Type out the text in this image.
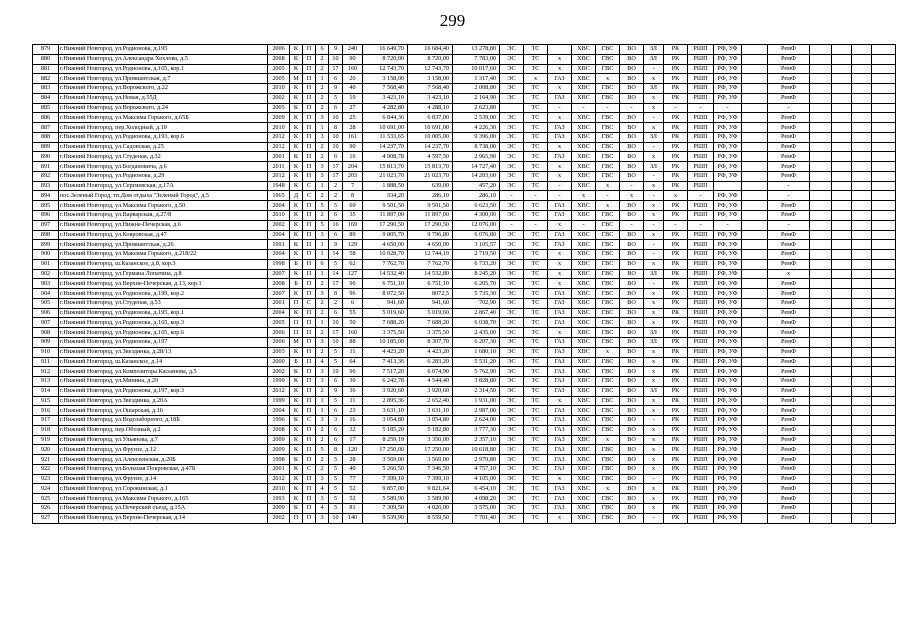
299
879	г.Нижний Новгород, ул.Родионова, д.195	2006	К	П	6	9	240	16 649,70	16 684,40	13 278,80	ЭС	ТС		ХВС	ГВС	ВО	ЗЛ	РК	РШП	РФ, УФ		РемФ				
880	г.Нижний Новгород, ул.Александра Хохлова, д.5	2008	К	П	2	10	90	8 720,00	8 720,00	7 783,00	ЭС	ТС	х	ХВС	ГВС	ВО	ЗЛ	РК	РШП	РФ, УФ		РемФ				
881	г.Нижний Новгород, ул.Родионова, д.165, кор.1	2005	К	П	2	17	160	12 743,70	12 743,70	10 017,60	ЭС	ТС	х	ХВС	ГВС	ВО	-	РК	РШП	РФ, УФ		РемФ				
882	г.Нижний Новгород, ул.Провиантская, д.7	2005	М	П	1	6	20	3 158,00	3 158,00	1 317,40	ЭС	х	ГАЗ	ХВС	х	ВО	х	РК	РШП	РФ, УФ		РемФ				
883	г.Нижний Новгород, ул.Ворожского, д.22	2010	К	П	2	9	40	7 568,40	7 568,40	2 008,80	ЭС	ТС	х	ХВС	ГВС	ВО	ЗЛ	РК	РШП	РФ, УФ		РемФ				
884	г.Нижний Новгород, ул.Новая, д.55Д	2002	К	П	2	5	19	3 423,10	3 423,10	2 164,90	ЭС	ТС	ГАЗ	ХВС	ГВС	ВО	х	РК	РШП	РФ, УФ		РемФ				
885	г.Нижний Новгород, ул.Ворожского, д.24	2005	К	П	2	6	27	4 282,80	4 288,10	2 623,80		ТС	-	-	-	-	х	-	-	-		-				
886	г.Нижний Новгород, ул.Максима Горького, д.65Б	2009	К	П	3	10	25	6 844,36	6 837,00	2 539,00	ЭС	ТС	х	ХВС	ГВС	ВО	-	РК	РШП	РФ, УФ		РемФ				
887	г.Нижний Новгород, пер.Холодный, д.10	2010	К	П	1	8	28	10 691,00	10 691,00	4 226,30	ЭС	ТС	ГАЗ	ХВС	ГВС	ВО	х	РК	РШП	РФ, УФ		РемФ				
888	г.Нижний Новгород, ул.Родионова, д.193, кор.6	2012	К	П	3	10	161	11 533,65	10 005,00	9 396,00	ЭС	ТС	ГАЗ	ХВС	ГВС	ВО	ЗЛ	РК	РШП	РФ, УФ		РемФ				
889	г.Нижний Новгород, ул.Садовская, д.25	2012	К	П	2	10	90	14 237,70	14 237,70	8 738,00	ЭС	ТС	х	ХВС	ГВС	ВО	-	РК	РШП	РФ, УФ		РемФ				
890	г.Нижний Новгород, ул.Студеная, д.32	2001	К	П	2	6	16	4 908,78	4 597,50	2 965,90	ЭС	ТС	ГАЗ	ХВС	ГВС	ВО	х	РК	РШП	РФ, УФ		РемФ				
891	г.Нижний Новгород, ул.Богдановича, д.6	2011	К	П	3	17	204	15 813,70	15 813,70	14 727,40	ЭС	ТС	х	ХВС	ГВС	ВО	ЗЛ	РК	РШП	РФ, УФ		РемФ				
892	г.Нижний Новгород, ул.Родионова, д.29	2012	К	П	3	17	203	21 023,70	21 023,70	14 203,60	ЭС	ТС	х	ХВС	ГВС	ВО	-	РК	РШП	РФ, УФ		РемФ				
893	г.Нижний Новгород, ул.Сергиевская, д.17А	1948	К	С	1	2	7	1 888,50	639,00	457,20	ЭС	ТС	-	ХВС	х	-	х	РК	РШП			-				
894	пос.Зеленый Город, тп.Дом отдыха "Зеленый Город", д.5	1965	Д	С	2	2	8	334,20	286,10	286,10	-	-	-	х	-	х	-	х	-	РФ, УФ		-				
895	г.Нижний Новгород, ул.Максима Горького, д.50	2004	К	П	5	5	69	9 501,50	9 501,50	6 623,50	ЭС	ТС	ГАЗ	ХВС	х	ВО	х	РК	РШП	РФ, УФ		РемФ				
896	г.Нижний Новгород, ул.Варварская, д.27/8	2010	К	П	2	6	35	11 897,00	11 897,00	4 300,00	ЭС	ТС	ГАЗ	ХВС	ГВС	ВО	х	РК	РШП	РФ, УФ		РемФ				
897	г.Нижний Новгород, ул.Нижне-Печерская, д.6	2002	К	П	5	16	169	17 290,50	17 290,50	12 076,00	-	-	х	-	ГВС	-	-	-	-	-		-				
898	г.Нижний Новгород, ул.Ковровская, д.47	2004	К	П	3	6	89	9 805,70	9 796,80	6 076,80	ЭС	ТС	ГАЗ	ХВС	ГВС	ВО	х	РК	РШП	РФ, УФ		РемФ				
899	г.Нижний Новгород, ул.Провиантская, д.26	1991	К	П	1	9	129	4 650,00	4 650,00	3 105,57	ЭС	ТС	ГАЗ	ХВС	ГВС	ВО	-	РК	РШП	РФ, УФ		РемФ				
900	г.Нижний Новгород, ул.Максима Горького, д.218/22	2004	К	П	1	14	58	10 028,70	12 744,10	2 719,50	ЭС	ТС	х	ХВС	ГВС	ВО	-	РК	РШП	РФ, УФ		РемФ				
901	г.Нижний Новгород, ш.Казанское, д.8, кор.3	1998	Б	П	6	5	62	7 762,70	7 762,70	6 733,20	ЭС	ТС	х	ХВС	ГВС	ВО	х	РК	РШП	РФ, УФ		РемФ				
902	г.Нижний Новгород, ул.Германа Лопатина, д.8	2007	К	П	1	14	127	14 532,40	14 532,80	8 245,20	ЭС	ТС	х	ХВС	ГВС	ВО	ЗЛ	РК	РШП	РФ, УФ		х				
903	г.Нижний Новгород, ул.Верхне-Печерская, д.13, кор.1	2008	Б	П	2	17	96	6 751,10	6 751,10	6 205,70	ЭС	ТС	х	ХВС	ГВС	ВО	-	РК	РШП	РФ, УФ		РемФ				
904	г.Нижний Новгород, ул.Родионова, д.199, кор.2	2007	К	П	3	8	96	8 072,50	8072,5	5 735,30	ЭС	ТС	ГАЗ	ХВС	ГВС	ВО	х	РК	РШП	РФ, УФ		РемФ				
905	г.Нижний Новгород, ул.Студеная, д.53	2001	П	С	2	2	6	941,60	941,60	702,90	ЭС	ТС	ГАЗ	ХВС	ГВС	ВО	х	РК	РШП	РФ, УФ		РемФ				
906	г.Нижний Новгород, ул.Родионова, д.195, кор.1	2004	К	П	2	6	55	5 019,60	5 019,60	2 867,40	ЭС	ТС	ГАЗ	ХВС	ГВС	ВО	х	РК	РШП	РФ, УФ		РемФ				
907	г.Нижний Новгород, ул.Родионова, д.165, кор.3	2005	П	П	1	10	50	7 688,20	7 688,20	6 038,70	ЭС	ТС	ГАЗ	ХВС	ГВС	ВО	х	РК	РШП	РФ, УФ		РемФ				
908	г.Нижний Новгород, ул.Родионова, д.165, кор.6	2006	П	П	2	17	160	3 375,50	3 375,50	2 435,00	ЭС	ТС	х	ХВС	ГВС	ВО	ЗЛ	РК	РШП	РФ, УФ		РемФ				
909	г.Нижний Новгород, ул.Родионова, д.197	2006	М	П	3	10	88	10 185,00	8 307,70	6 207,30	ЭС	ТС	ГАЗ	ХВС	ГВС	ВО	ЗЛ	РК	РШП	РФ, УФ		РемФ				
910	г.Нижний Новгород, ул.Звездинка, д.28/13	2003	К	П	2	5	11	4 423,20	4 423,20	1 680,10	ЭС	ТС	ГАЗ	ХВС	х	ВО	х	РК	РШП	РФ, УФ		РемФ				
911	г.Нижний Новгород, ш.Казанское, д.14	2000	Б	П	4	5	64	7 413,36	6 283,20	5 531,20	ЭС	ТС	ГАЗ	ХВС	ГВС	ВО	х	РК	РШП	РФ, УФ		РемФ				
912	г.Нижний Новгород, ул.Композитора Касьянова, д.5	2002	К	П	3	10	96	7 517,20	6 074,90	5 762,90	ЭС	ТС	ГАЗ	ХВС	ГВС	ВО	х	РК	РШП	РФ, УФ		РемФ				
913	г.Нижний Новгород, ул.Минина, д.29	1999	К	П	3	6	30	6 242,78	4 544,40	3 828,80	ЭС	ТС	ГАЗ	ХВС	ГВС	ВО	х	РК	РШП	РФ, УФ		РемФ				
914	г.Нижний Новгород, ул.Родионова, д.197, кор.3	2012	К	П	2	9	36	3 920,60	3 920,60	2 314,50	ЭС	ТС	ГАЗ	ХВС	ГВС	ВО	ЗЛ	РК	РШП	РФ, УФ		РемФ				
915	г.Нижний Новгород, ул.Звездинка, д.20А	1999	К	П	1	5	11	2 895,36	2 652,40	1 931,00	ЭС	ТС	х	ХВС	ГВС	ВО	х	РК	РШП	РФ, УФ		РемФ				
916	г.Нижний Новгород, ул.Ошарская, д.16	2004	К	П	1	6	23	3 631,10	3 631,10	2 987,00	ЭС	ТС	ГАЗ	ХВС	ГВС	ВО	х	РК	РШП	РФ, УФ		РемФ				
917	г.Нижний Новгород, ул.Водозаборного, д.18Б	1996	К	С	3	3	16	3 054,80	3 054,80	2 624,00	ЭС	ТС	ГАЗ	ХВС	ГВС	ВО	-	РК	РШП	РФ, УФ		РемФ				
918	г.Нижний Новгород, пер.Обозный, д.2	2008	К	П	2	6	32	5 185,20	5 182,80	3 777,30	ЭС	ТС	ГАЗ	ХВС	ГВС	ВО	х	РК	РШП	РФ, УФ		РемФ				
919	г.Нижний Новгород, ул.Ульянова, д.7	2009	К	П	2	6	17	8 259,19	3 350,00	2 357,10	ЭС	ТС	ГАЗ	ХВС	х	ВО	х	РК	РШП	РФ, УФ		РемФ				
920	г.Нижний Новгород, ул.Фрунзе, д.12	2009	К	П	5	8	120	17 250,00	17 250,00	10 618,80	ЭС	ТС	ГАЗ	ХВС	ГВС	ВО	х	РК	РШП	РФ, УФ		РемФ				
921	г.Нижний Новгород, ул.Алексеевская, д.20Б	1998	К	П	2	5	28	3 569,00	3 569,00	2 979,80	ЭС	ТС	ГАЗ	ХВС	ГВС	ВО	х	РК	РШП	РФ, УФ		РемФ				
922	г.Нижний Новгород, ул.Большая Покровская, д.47Б	2001	К	С	2	5	40	5 266,50	7 346,50	4 757,10	ЭС	ТС	ГАЗ	ХВС	ГВС	ВО	х	РК	РШП	РФ, УФ		РемФ				
923	г.Нижний Новгород, ул.Фрунзе, д.14	2012	К	П	3	5	77	7 399,10	7 399,10	4 105,00	ЭС	ТС	х	ХВС	ГВС	ВО	-	РК	РШП	РФ, УФ		РемФ				
924	г.Нижний Новгород, ул.Сорокинская, д.1	2010	К	П	4	5	52	9 857,00	9 821,64	6 454,10	ЭС	ТС	ГАЗ	ХВС	х	ВО	х	РК	РШП	РФ, УФ		РемФ				
925	г.Нижний Новгород, ул.Максима Горького, д.165	1993	К	П	3	5	52	5 589,90	5 589,90	4 098,20	ЭС	ТС	ГАЗ	ХВС	ГВС	ВО	х	РК	РШП	РФ, УФ		РемФ				
926	г.Нижний Новгород, ул.Печерский съезд, д.15А	2009	К	П	4	5	81	7 309,50	4 026,00	3 575,00	ЭС	ТС	ГАЗ	ХВС	ГВС	ВО	х	РК	РШП	РФ, УФ		РемФ				
927	г.Нижний Новгород, ул.Верхне-Печерская, д.14	2002	П	П	3	10	140	9 539,90	8 559,50	7 701,40	ЭС	ТС	х	ХВС	ГВС	ВО	-	РК	РШП	РФ, УФ		РемФ				
